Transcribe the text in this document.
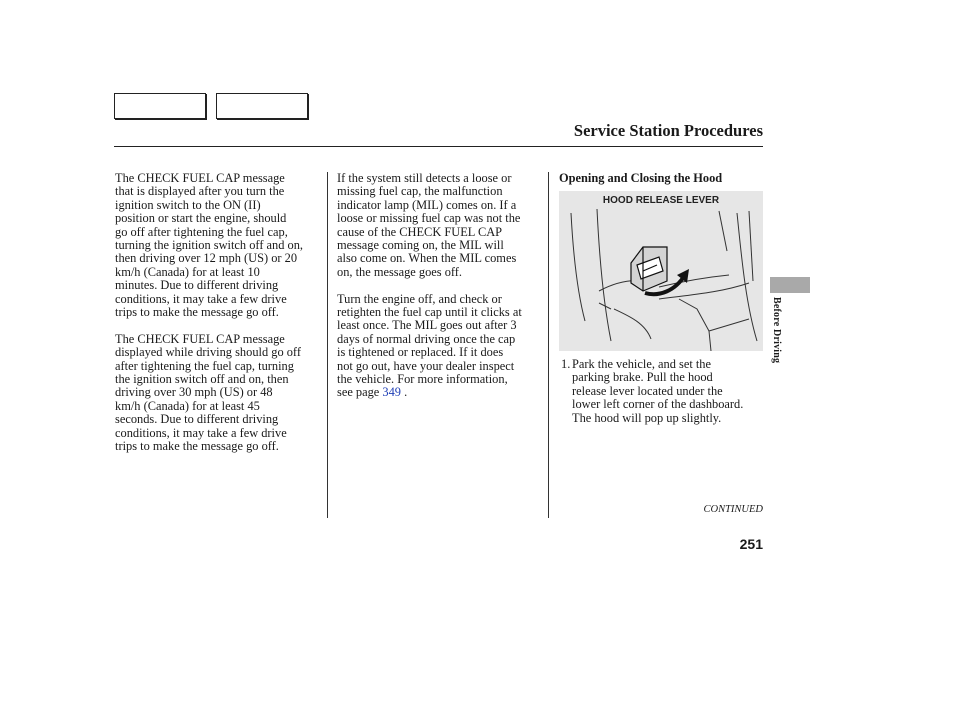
Service Station Procedures

The CHECK FUEL CAP message
that is displayed after you turn the
ignition switch to the ON (II)
position or start the engine, should
go off after tightening the fuel cap,
turning the ignition switch off and on,
then driving over 12 mph (US) or 20
km/h (Canada) for at least 10
minutes. Due to different driving
conditions, it may take a few drive
trips to make the message go off.

The CHECK FUEL CAP message
displayed while driving should go off
after tightening the fuel cap, turning
the ignition switch off and on, then
driving over 30 mph (US) or 48
km/h (Canada) for at least 45
seconds. Due to different driving
conditions, it may take a few drive
trips to make the message go off.

If the system still detects a loose or
missing fuel cap, the malfunction
indicator lamp (MIL) comes on. If a
loose or missing fuel cap was not the
cause of the CHECK FUEL CAP
message coming on, the MIL will
also come on. When the MIL comes
on, the message goes off.

Turn the engine off, and check or
retighten the fuel cap until it clicks at
least once. The MIL goes out after 3
days of normal driving once the cap
is tightened or replaced. If it does
not go out, have your dealer inspect
the vehicle. For more information,
see page 349 .

Opening and Closing the Hood
HOOD RELEASE LEVER
1. Park the vehicle, and set the
parking brake. Pull the hood
release lever located under the
lower left corner of the dashboard.
The hood will pop up slightly.
CONTINUED
251
Before Driving
